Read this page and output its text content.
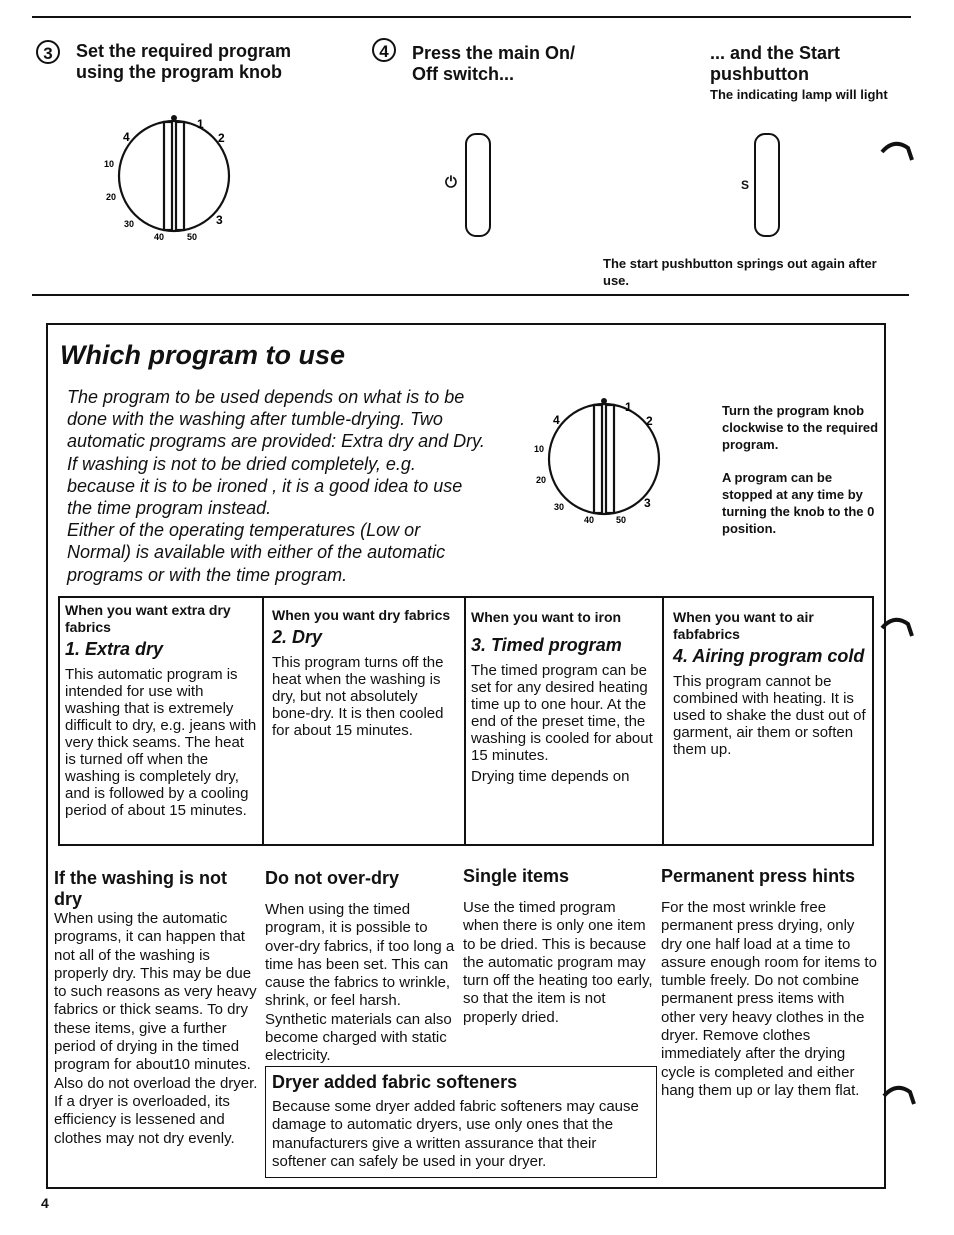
3	Set the required program using the program knob
1
2
3
4
10
20
30
40	50
4	Press the main On/ Off switch...
⏻
... and the Start pushbutton
The indicating lamp will light
S
The start pushbutton springs out again after use.
Which program to use
The program to be used depends on what is to be done with the washing after tumble-drying. Two automatic programs are provided: Extra dry and Dry. If washing is not to be dried completely, e.g. because it is to be ironed , it is a good idea to use the time program instead.
Either of the operating temperatures (Low or Normal) is available with either of the automatic programs or with the time program.
1
2
3
4
10
20
30
40 50
Turn the program knob clockwise to the required program.
A program can be stopped at any time by turning the knob to the 0 position.
When you want extra dry fabrics
1. Extra dry
This automatic program is intended for use with washing that is extremely difficult to dry, e.g. jeans with very thick seams. The heat is turned off when the washing is completely dry, and is followed by a cooling period of about 15 minutes.
When you want dry fabrics
2. Dry
This program turns off the heat when the washing is dry, but not absolutely bone-dry. It is then cooled for about 15 minutes.
When you want to iron
3. Timed program
The timed program can be set for any desired heating time up to one hour. At the end of the preset time, the washing is cooled for about 15 minutes.
Drying time depends on
When you want to air fabfabrics
4. Airing program cold
This program cannot be combined with heating. It is used to shake the dust out of garment, air them or soften them up.
If the washing is not dry
When using the automatic programs, it can happen that not all of the washing is properly dry. This may be due to such reasons as very heavy fabrics or thick seams. To dry these items, give a further period of drying in the timed program for about10 minutes. Also do not overload the dryer. If a dryer is overloaded, its efficiency is lessened and clothes may not dry evenly.
Do not over-dry
When using the timed program, it is possible to over-dry fabrics, if too long a time has been set. This can cause the fabrics to wrinkle, shrink, or feel harsh. Synthetic materials can also become charged with static electricity.
Single items
Use the timed program when there is only one item to be dried. This is because the automatic program may turn off the heating too early, so that the item is not properly dried.
Permanent press hints
For the most wrinkle free permanent press drying, only dry one half load at a time to assure enough room for items to tumble freely. Do not combine permanent press items with other very heavy clothes in the dryer. Remove clothes immediately after the drying cycle is completed and either hang them up or lay them flat.
Dryer added fabric softeners
Because some dryer added fabric softeners may cause damage to automatic dryers, use only ones that the manufacturers give a written assurance that their softener can safely be used in your dryer.
4
